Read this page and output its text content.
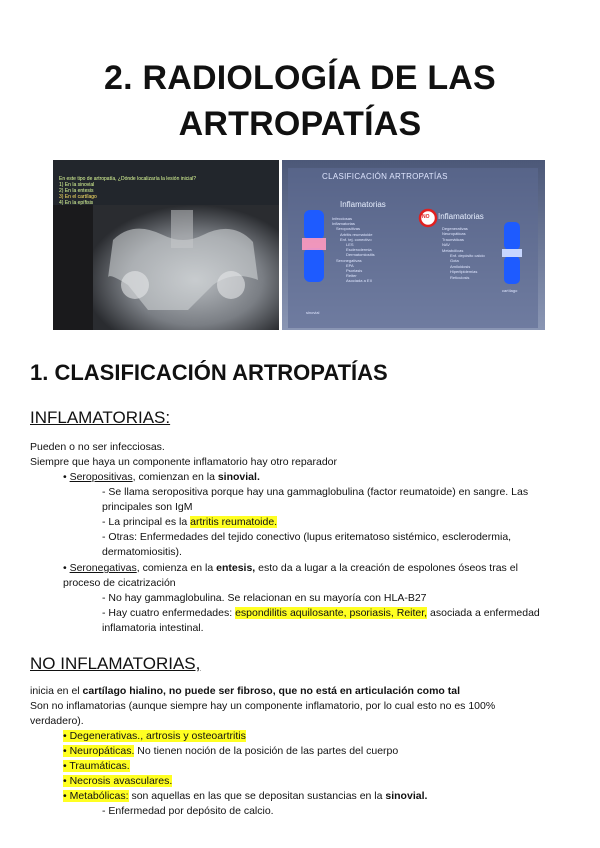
2. RADIOLOGÍA DE LAS
ARTROPATÍAS
En este tipo de artropatía, ¿Dónde localizaría la lesión inicial?
1) En la sinovial
2) En la entesis
3) En el cartílago
4) En la epífisis
CLASIFICACIÓN ARTROPATÍAS
Inflamatorias
NO Inflamatorias
Infecciosas
Inflamatorias
Seropositivas
Artritis reumatoide
Enf. tej. conectivo
LES
Esclerodermia
Dermatomiositis
Seronegativas
EPA
Psoriasis
Reiter
Asociada a EII
Degenerativas
Neuropáticas
Traumáticas
NAV
Metabólicas
Enf. depósito calcio
Gota
Amiloidosis
Hiperlipidemias
Reticulosis
sinovial
cartílago
1. CLASIFICACIÓN ARTROPATÍAS
INFLAMATORIAS:
Pueden o no ser infecciosas.
Siempre que haya un componente inflamatorio hay otro reparador
• Seropositivas, comienzan en la sinovial.
- Se llama seropositiva porque hay una gammaglobulina (factor reumatoide) en sangre. Las
principales son IgM
- La principal es la artritis reumatoide.
- Otras: Enfermedades del tejido conectivo (lupus eritematoso sistémico, esclerodermia,
dermatomiositis).
• Seronegativas, comienza en la entesis, esto da a lugar a la creación de espolones óseos tras el
proceso de cicatrización
- No hay gammaglobulina. Se relacionan en su mayoría con HLA-B27
- Hay cuatro enfermedades: espondilitis aquilosante, psoriasis, Reiter, asociada a enfermedad
inflamatoria intestinal.
NO INFLAMATORIAS,
inicia en el cartílago hialino, no puede ser fibroso, que no está en articulación como tal
Son no inflamatorias (aunque siempre hay un componente inflamatorio, por lo cual esto no es 100%
verdadero).
• Degenerativas., artrosis y osteoartritis
• Neuropáticas. No tienen noción de la posición de las partes del cuerpo
• Traumáticas.
• Necrosis avasculares.
• Metabólicas: son aquellas en las que se depositan sustancias en la sinovial.
- Enfermedad por depósito de calcio.
